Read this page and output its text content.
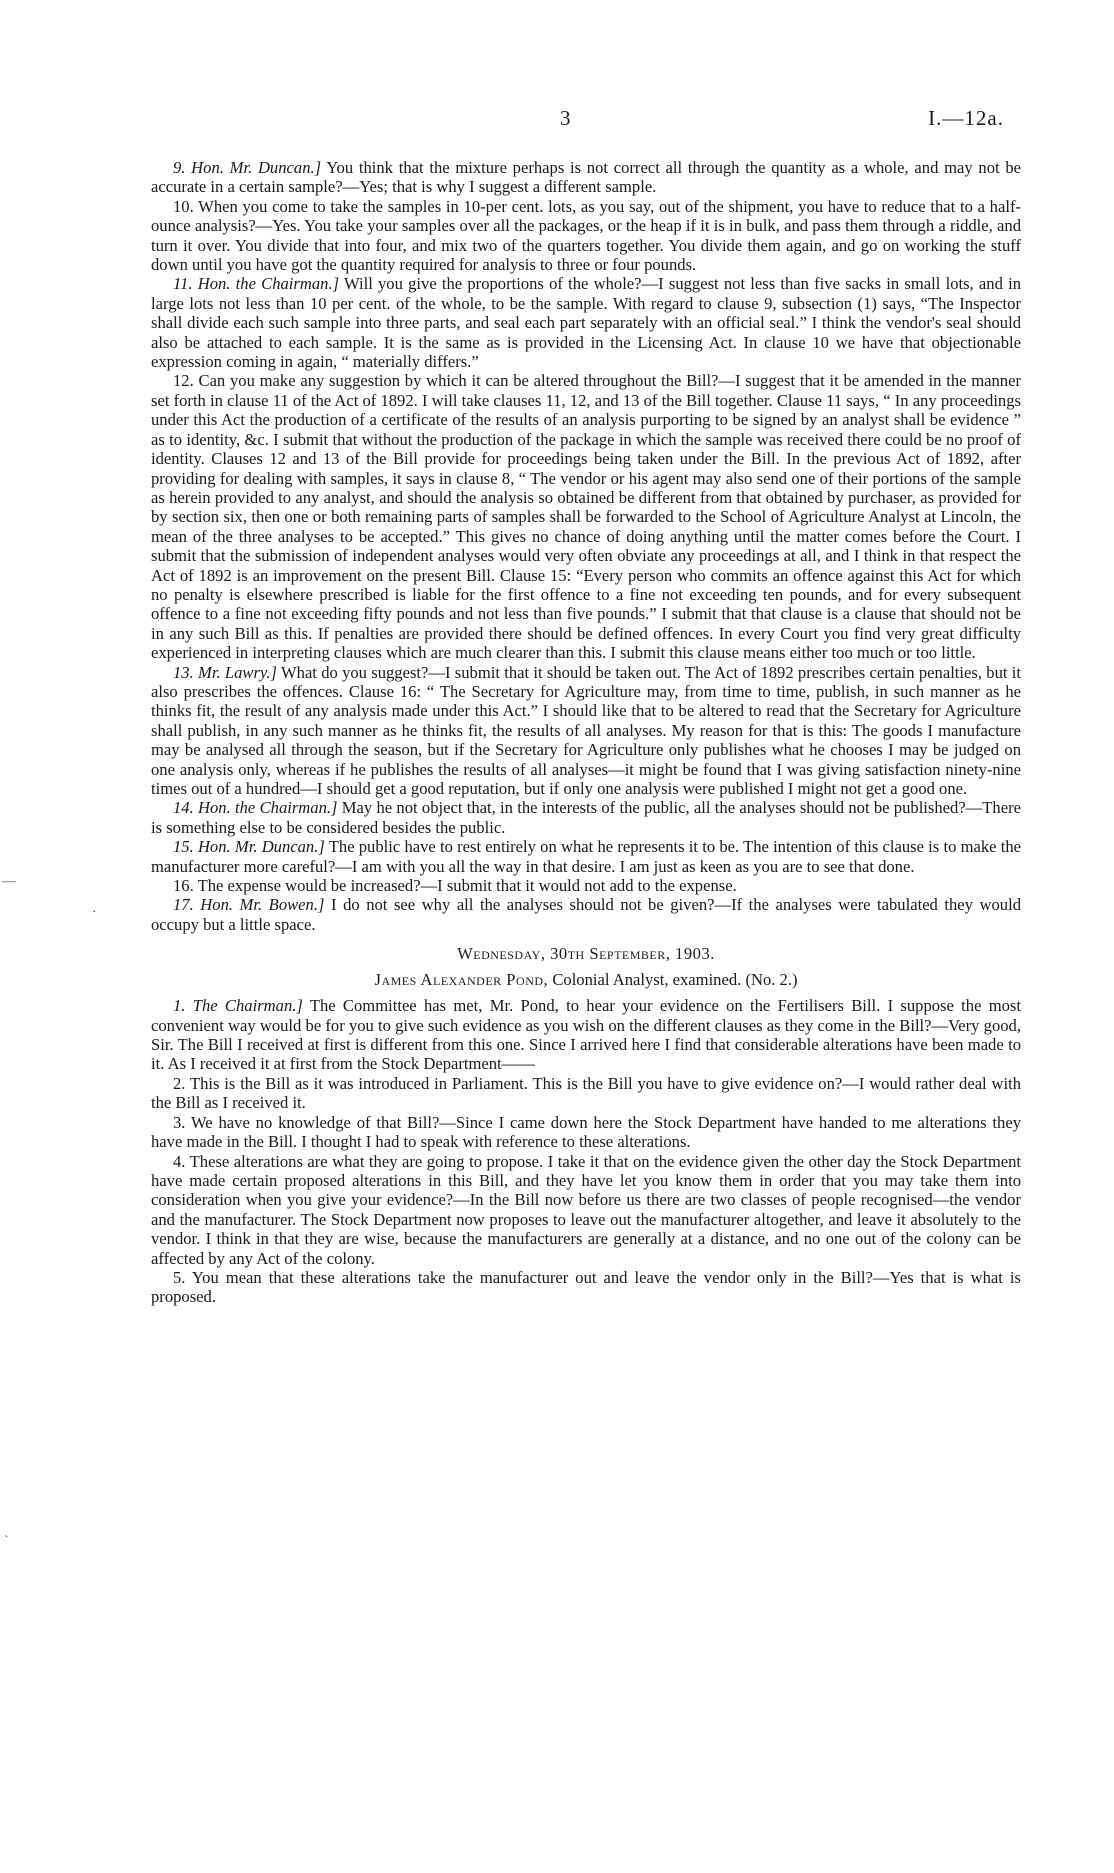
3	I.—12a.
—
·
`

9. Hon. Mr. Duncan.] You think that the mixture perhaps is not correct all through the quantity as a whole, and may not be accurate in a certain sample?—Yes; that is why I suggest a different sample.

10. When you come to take the samples in 10-per cent. lots, as you say, out of the shipment, you have to reduce that to a half-ounce analysis?—Yes. You take your samples over all the packages, or the heap if it is in bulk, and pass them through a riddle, and turn it over. You divide that into four, and mix two of the quarters together. You divide them again, and go on working the stuff down until you have got the quantity required for analysis to three or four pounds.

11. Hon. the Chairman.] Will you give the proportions of the whole?—I suggest not less than five sacks in small lots, and in large lots not less than 10 per cent. of the whole, to be the sample. With regard to clause 9, subsection (1) says, “The Inspector shall divide each such sample into three parts, and seal each part separately with an official seal.” I think the vendor's seal should also be attached to each sample. It is the same as is provided in the Licensing Act. In clause 10 we have that objectionable expression coming in again, “ materially differs.”

12. Can you make any suggestion by which it can be altered throughout the Bill?—I suggest that it be amended in the manner set forth in clause 11 of the Act of 1892. I will take clauses 11, 12, and 13 of the Bill together. Clause 11 says, “ In any proceedings under this Act the production of a certificate of the results of an analysis purporting to be signed by an analyst shall be evidence ” as to identity, &c. I submit that without the production of the package in which the sample was received there could be no proof of identity. Clauses 12 and 13 of the Bill provide for proceedings being taken under the Bill. In the previous Act of 1892, after providing for dealing with samples, it says in clause 8, “ The vendor or his agent may also send one of their portions of the sample as herein provided to any analyst, and should the analysis so obtained be different from that obtained by purchaser, as provided for by section six, then one or both remaining parts of samples shall be forwarded to the School of Agriculture Analyst at Lincoln, the mean of the three analyses to be accepted.” This gives no chance of doing anything until the matter comes before the Court. I submit that the submission of independent analyses would very often obviate any proceedings at all, and I think in that respect the Act of 1892 is an improvement on the present Bill. Clause 15: “Every person who commits an offence against this Act for which no penalty is elsewhere prescribed is liable for the first offence to a fine not exceeding ten pounds, and for every subsequent offence to a fine not exceeding fifty pounds and not less than five pounds.” I submit that that clause is a clause that should not be in any such Bill as this. If penalties are provided there should be defined offences. In every Court you find very great difficulty experienced in interpreting clauses which are much clearer than this. I submit this clause means either too much or too little.

13. Mr. Lawry.] What do you suggest?—I submit that it should be taken out. The Act of 1892 prescribes certain penalties, but it also prescribes the offences. Clause 16: “ The Secretary for Agriculture may, from time to time, publish, in such manner as he thinks fit, the result of any analysis made under this Act.” I should like that to be altered to read that the Secretary for Agriculture shall publish, in any such manner as he thinks fit, the results of all analyses. My reason for that is this: The goods I manufacture may be analysed all through the season, but if the Secretary for Agriculture only publishes what he chooses I may be judged on one analysis only, whereas if he publishes the results of all analyses—it might be found that I was giving satisfaction ninety-nine times out of a hundred—I should get a good reputation, but if only one analysis were published I might not get a good one.

14. Hon. the Chairman.] May he not object that, in the interests of the public, all the analyses should not be published?—There is something else to be considered besides the public.

15. Hon. Mr. Duncan.] The public have to rest entirely on what he represents it to be. The intention of this clause is to make the manufacturer more careful?—I am with you all the way in that desire. I am just as keen as you are to see that done.

16. The expense would be increased?—I submit that it would not add to the expense.

17. Hon. Mr. Bowen.] I do not see why all the analyses should not be given?—If the analyses were tabulated they would occupy but a little space.

Wednesday, 30th September, 1903.
James Alexander Pond, Colonial Analyst, examined. (No. 2.)

1. The Chairman.] The Committee has met, Mr. Pond, to hear your evidence on the Fertilisers Bill. I suppose the most convenient way would be for you to give such evidence as you wish on the different clauses as they come in the Bill?—Very good, Sir. The Bill I received at first is different from this one. Since I arrived here I find that considerable alterations have been made to it. As I received it at first from the Stock Department——

2. This is the Bill as it was introduced in Parliament. This is the Bill you have to give evidence on?—I would rather deal with the Bill as I received it.

3. We have no knowledge of that Bill?—Since I came down here the Stock Department have handed to me alterations they have made in the Bill. I thought I had to speak with reference to these alterations.

4. These alterations are what they are going to propose. I take it that on the evidence given the other day the Stock Department have made certain proposed alterations in this Bill, and they have let you know them in order that you may take them into consideration when you give your evidence?—In the Bill now before us there are two classes of people recognised—the vendor and the manufacturer. The Stock Department now proposes to leave out the manufacturer altogether, and leave it absolutely to the vendor. I think in that they are wise, because the manufacturers are generally at a distance, and no one out of the colony can be affected by any Act of the colony.

5. You mean that these alterations take the manufacturer out and leave the vendor only in the Bill?—Yes that is what is proposed.
